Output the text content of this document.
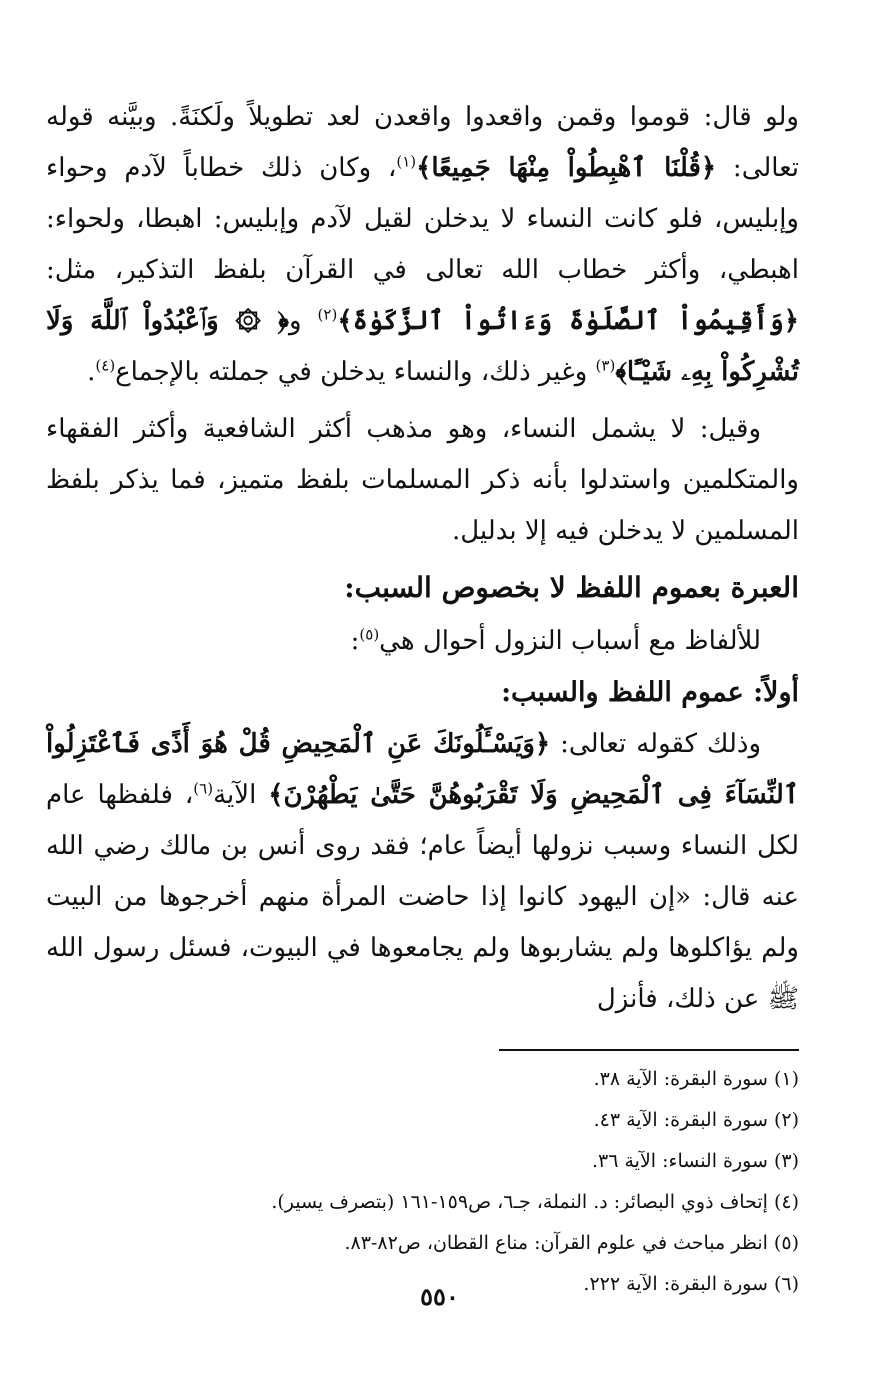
ولو قال: قوموا وقمن واقعدوا واقعدن لعد تطويلاً ولَكنَةً. وبيَّنه قوله تعالى: ﴿قُلْنَا ٱهْبِطُواْ مِنْهَا جَمِيعًا﴾$^{(١)}$، وكان ذلك خطاباً لآدم وحواء وإبليس، فلو كانت النساء لا يدخلن لقيل لآدم وإبليس: اهبطا، ولحواء: اهبطي، وأكثر خطاب الله تعالى في القرآن بلفظ التذكير، مثل: ﴿وَأَقِيمُواْ ٱلصَّلَوٰةَ وَءَاتُواْ ٱلزَّكَوٰةَ﴾$^{(٢)}$ و﴿ ۞ وَٱعْبُدُواْ ٱللَّهَ وَلَا تُشْرِكُواْ بِهِۦ شَيْـًٔا﴾$^{(٣)}$ وغير ذلك، والنساء يدخلن في جملته بالإجماع$^{(٤)}$.

وقيل: لا يشمل النساء، وهو مذهب أكثر الشافعية وأكثر الفقهاء والمتكلمين واستدلوا بأنه ذكر المسلمات بلفظ متميز، فما يذكر بلفظ المسلمين لا يدخلن فيه إلا بدليل.

العبرة بعموم اللفظ لا بخصوص السبب:

للألفاظ مع أسباب النزول أحوال هي$^{(٥)}$:

أولاً: عموم اللفظ والسبب:

وذلك كقوله تعالى: ﴿وَيَسْـَٔلُونَكَ عَنِ ٱلْمَحِيضِ قُلْ هُوَ أَذًى فَٱعْتَزِلُواْ ٱلنِّسَآءَ فِى ٱلْمَحِيضِ وَلَا تَقْرَبُوهُنَّ حَتَّىٰ يَطْهُرْنَ﴾ الآية$^{(٦)}$، فلفظها عام لكل النساء وسبب نزولها أيضاً عام؛ فقد روى أنس بن مالك رضي الله عنه قال: «إن اليهود كانوا إذا حاضت المرأة منهم أخرجوها من البيت ولم يؤاكلوها ولم يشاربوها ولم يجامعوها في البيوت، فسئل رسول الله ﷺ عن ذلك، فأنزل

(١) سورة البقرة: الآية ٣٨.
(٢) سورة البقرة: الآية ٤٣.
(٣) سورة النساء: الآية ٣٦.
(٤) إتحاف ذوي البصائر: د. النملة، جـ٦، ص١٥٩-١٦١ (بتصرف يسير).
(٥) انظر مباحث في علوم القرآن: مناع القطان، ص٨٢-٨٣.
(٦) سورة البقرة: الآية ٢٢٢.
٥٥٠
